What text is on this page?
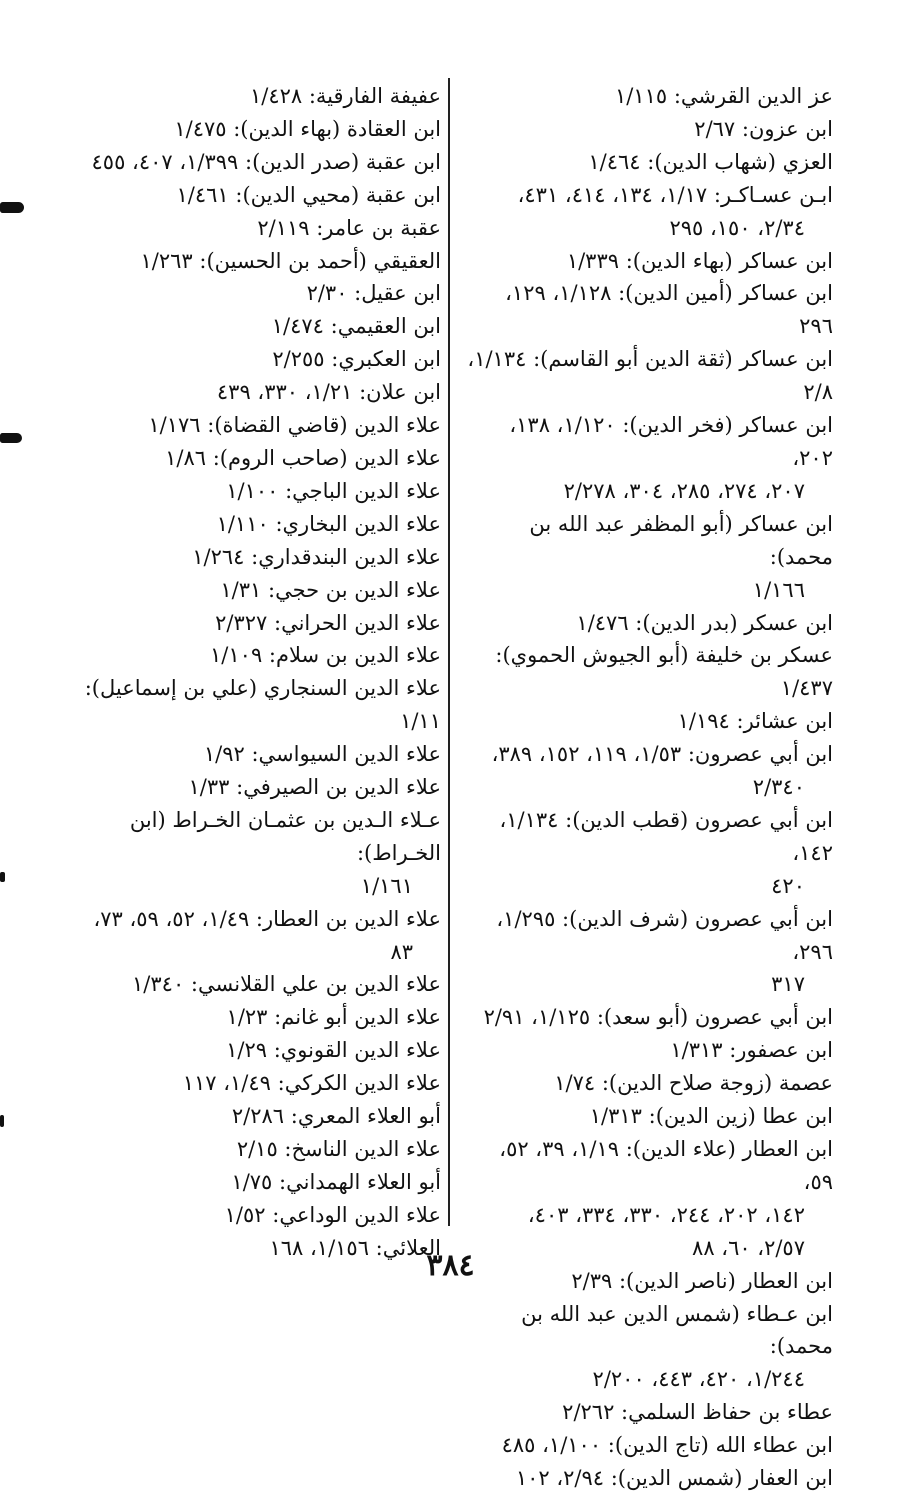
عز الدين القرشي: ١/١١٥

ابن عزون: ٢/٦٧

العزي (شهاب الدين): ١/٤٦٤

ابـن عسـاكـر: ١/١٧، ١٣٤، ٤١٤، ٤٣١،
٢/٣٤، ١٥٠، ٢٩٥

ابن عساكر (بهاء الدين): ١/٣٣٩

ابن عساكر (أمين الدين): ١/١٢٨، ١٢٩، ٢٩٦

ابن عساكر (ثقة الدين أبو القاسم): ١/١٣٤، ٢/٨

ابن عساكر (فخر الدين): ١/١٢٠، ١٣٨، ٢٠٢،
٢٠٧، ٢٧٤، ٢٨٥، ٣٠٤، ٢/٢٧٨

ابن عساكر (أبو المظفر عبد الله بن محمد):
١/١٦٦

ابن عسكر (بدر الدين): ١/٤٧٦

عسكر بن خليفة (أبو الجيوش الحموي): ١/٤٣٧

ابن عشائر: ١/١٩٤

ابن أبي عصرون: ١/٥٣، ١١٩، ١٥٢، ٣٨٩،
٢/٣٤٠

ابن أبي عصرون (قطب الدين): ١/١٣٤، ١٤٢،
٤٢٠

ابن أبي عصرون (شرف الدين): ١/٢٩٥، ٢٩٦،
٣١٧

ابن أبي عصرون (أبو سعد): ١/١٢٥، ٢/٩١

ابن عصفور: ١/٣١٣

عصمة (زوجة صلاح الدين): ١/٧٤

ابن عطا (زين الدين): ١/٣١٣

ابن العطار (علاء الدين): ١/١٩، ٣٩، ٥٢، ٥٩،
١٤٢، ٢٠٢، ٢٤٤، ٣٣٠، ٣٣٤، ٤٠٣،
٢/٥٧، ٦٠، ٨٨

ابن العطار (ناصر الدين): ٢/٣٩

ابن عـطاء (شمس الدين عبد الله بن محمد):
١/٢٤٤، ٤٢٠، ٤٤٣، ٢/٢٠٠

عطاء بن حفاظ السلمي: ٢/٢٦٢

ابن عطاء الله (تاج الدين): ١/١٠٠، ٤٨٥

ابن العفار (شمس الدين): ٢/٩٤، ١٠٢

عفيفة الفارقية: ١/٤٢٨

ابن العقادة (بهاء الدين): ١/٤٧٥

ابن عقبة (صدر الدين): ١/٣٩٩، ٤٠٧، ٤٥٥

ابن عقبة (محيي الدين): ١/٤٦١

عقبة بن عامر: ٢/١١٩

العقيقي (أحمد بن الحسين): ١/٢٦٣

ابن عقيل: ٢/٣٠

ابن العقيمي: ١/٤٧٤

ابن العكبري: ٢/٢٥٥

ابن علان: ١/٢١، ٣٣٠، ٤٣٩

علاء الدين (قاضي القضاة): ١/١٧٦

علاء الدين (صاحب الروم): ١/٨٦

علاء الدين الباجي: ١/١٠٠

علاء الدين البخاري: ١/١١٠

علاء الدين البندقداري: ١/٢٦٤

علاء الدين بن حجي: ١/٣١

علاء الدين الحراني: ٢/٣٢٧

علاء الدين بن سلام: ١/١٠٩

علاء الدين السنجاري (علي بن إسماعيل): ١/١١

علاء الدين السيواسي: ١/٩٢

علاء الدين بن الصيرفي: ١/٣٣

عـلاء الـدين بن عثمـان الخـراط (ابن الخـراط):
١/١٦١

علاء الدين بن العطار: ١/٤٩، ٥٢، ٥٩، ٧٣،
٨٣

علاء الدين بن علي القلانسي: ١/٣٤٠

علاء الدين أبو غانم: ١/٢٣

علاء الدين القونوي: ١/٢٩

علاء الدين الكركي: ١/٤٩، ١١٧

أبو العلاء المعري: ٢/٢٨٦

علاء الدين الناسخ: ٢/١٥

أبو العلاء الهمداني: ١/٧٥

علاء الدين الوداعي: ١/٥٢

العلائي: ١/١٥٦، ١٦٨

٣٨٤
